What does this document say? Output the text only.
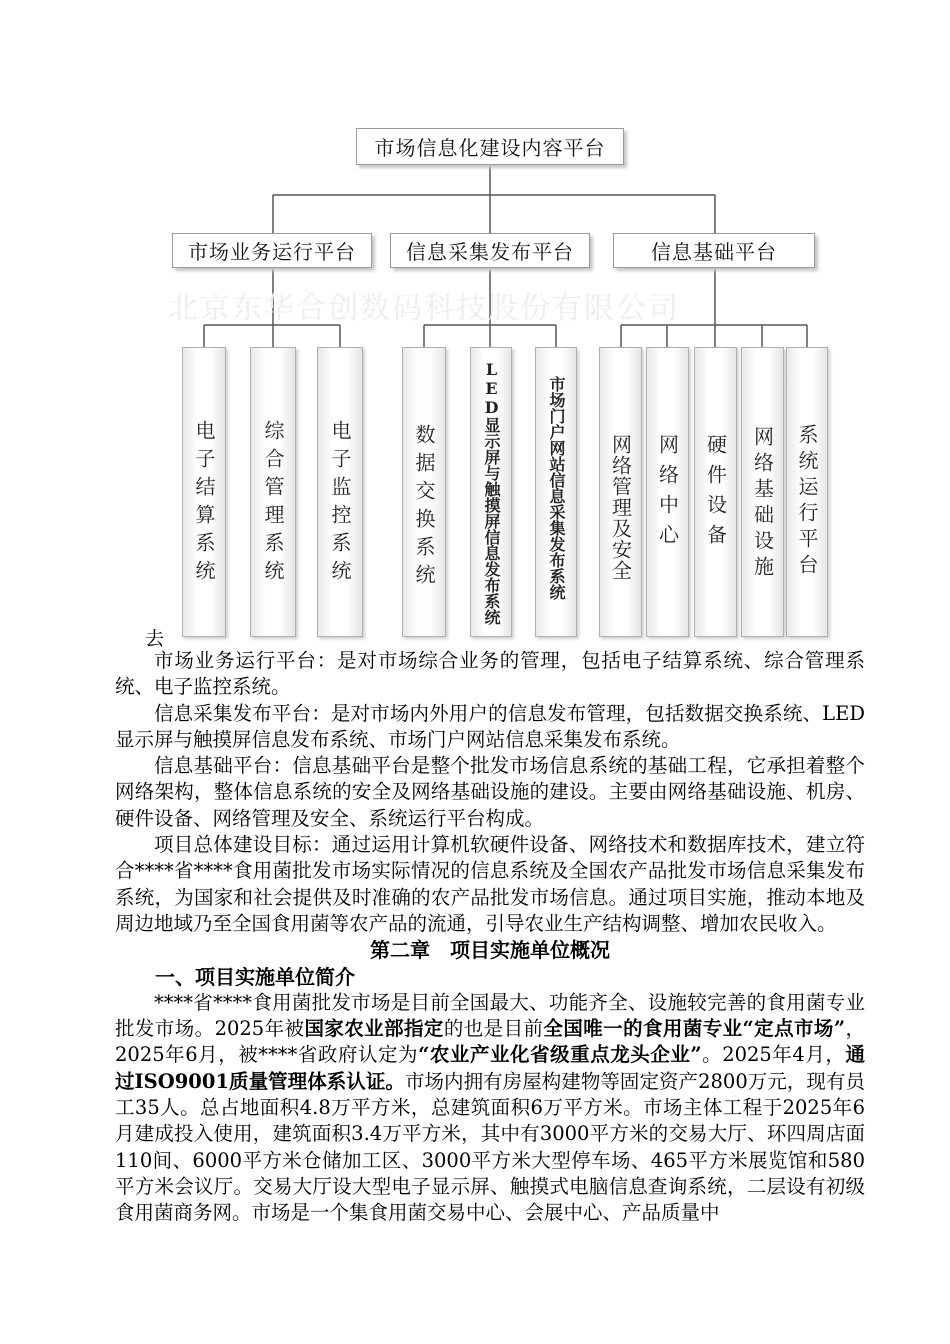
北京东华合创数码科技股份有限公司
市场信息化建设内容平台
市场业务运行平台	信息采集发布平台	信息基础平台
电子结算系统 综合管理系统 电子监控系统	数据交换系统	LED显示屏与触摸屏信息发布系统	市场门户网站信息采集发布系统 网络管理及安全 网络中心 硬件设备 网络基础设施 系统运行平台
去

市场业务运行平台：是对市场综合业务的管理，包括电子结算系统、综合管理系统、电子监控系统。

信息采集发布平台：是对市场内外用户的信息发布管理，包括数据交换系统、LED显示屏与触摸屏信息发布系统、市场门户网站信息采集发布系统。

信息基础平台：信息基础平台是整个批发市场信息系统的基础工程，它承担着整个网络架构，整体信息系统的安全及网络基础设施的建设。主要由网络基础设施、机房、硬件设备、网络管理及安全、系统运行平台构成。

项目总体建设目标：通过运用计算机软硬件设备、网络技术和数据库技术，建立符合****省****食用菌批发市场实际情况的信息系统及全国农产品批发市场信息采集发布系统，为国家和社会提供及时准确的农产品批发市场信息。通过项目实施，推动本地及周边地域乃至全国食用菌等农产品的流通，引导农业生产结构调整、增加农民收入。

第二章　项目实施单位概况
一、项目实施单位简介

****省****食用菌批发市场是目前全国最大、功能齐全、设施较完善的食用菌专业批发市场。2025年被国家农业部指定的也是目前全国唯一的食用菌专业“定点市场”，2025年6月，被****省政府认定为“农业产业化省级重点龙头企业”。2025年4月，通过ISO9001质量管理体系认证。市场内拥有房屋构建物等固定资产2800万元，现有员工35人。总占地面积4.8万平方米，总建筑面积6万平方米。市场主体工程于2025年6月建成投入使用，建筑面积3.4万平方米，其中有3000平方米的交易大厅、环四周店面110间、6000平方米仓储加工区、3000平方米大型停车场、465平方米展览馆和580平方米会议厅。交易大厅设大型电子显示屏、触摸式电脑信息查询系统，二层设有初级食用菌商务网。市场是一个集食用菌交易中心、会展中心、产品质量中
